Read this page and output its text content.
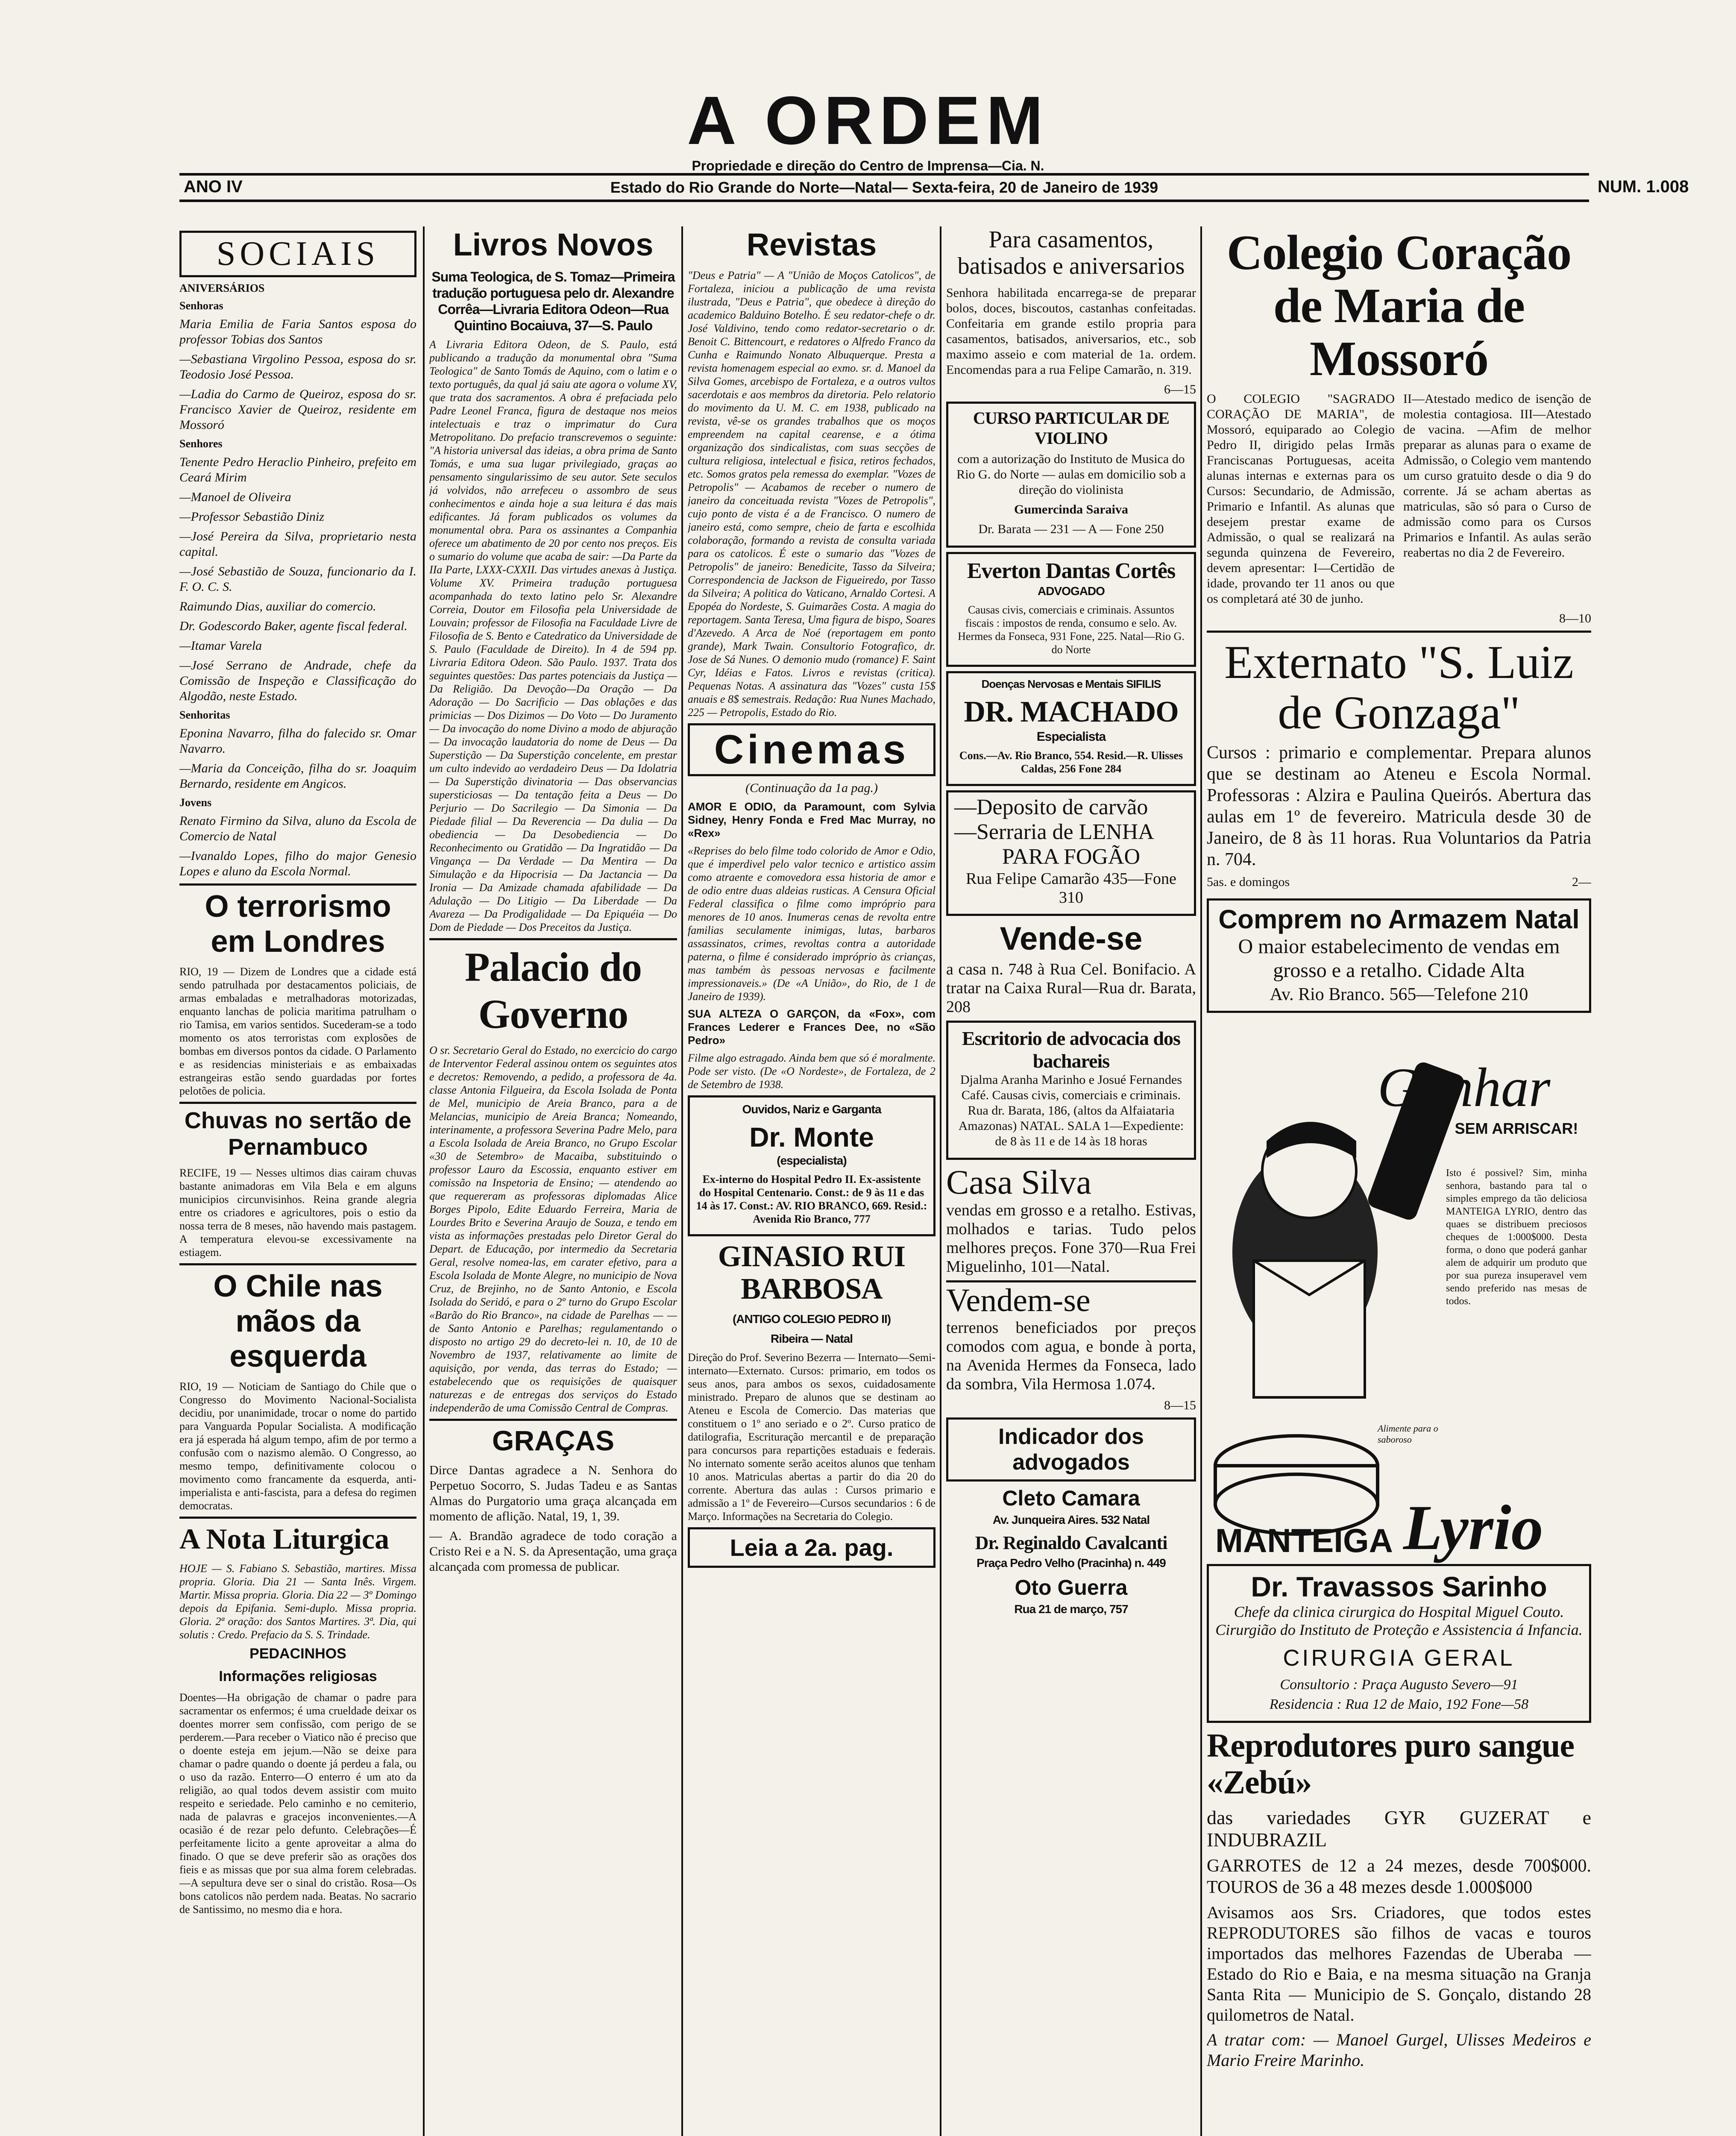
A ORDEM
Propriedade e direção do Centro de Imprensa—Cia. N.
Estado do Rio Grande do Norte—Natal— Sexta-feira, 20 de Janeiro de 1939
ANO IV	NUM. 1.008
SOCIAIS

ANIVERSÁRIOS

Senhoras

Maria Emilia de Faria Santos esposa do professor Tobias dos Santos

—Sebastiana Virgolino Pessoa, esposa do sr. Teodosio José Pessoa.

—Ladia do Carmo de Queiroz, esposa do sr. Francisco Xavier de Queiroz, residente em Mossoró

Senhores

Tenente Pedro Heraclio Pinheiro, prefeito em Ceará Mirim

—Manoel de Oliveira

—Professor Sebastião Diniz

—José Pereira da Silva, proprietario nesta capital.

—José Sebastião de Souza, funcionario da I. F. O. C. S.

Raimundo Dias, auxiliar do comercio.

Dr. Godescordo Baker, agente fiscal federal.

—Itamar Varela

—José Serrano de Andrade, chefe da Comissão de Inspeção e Classificação do Algodão, neste Estado.

Senhoritas

Eponina Navarro, filha do falecido sr. Omar Navarro.

—Maria da Conceição, filha do sr. Joaquim Bernardo, residente em Angicos.

Jovens

Renato Firmino da Silva, aluno da Escola de Comercio de Natal

—Ivanaldo Lopes, filho do major Genesio Lopes e aluno da Escola Normal.

O terrorismo em Londres

RIO, 19 — Dizem de Londres que a cidade está sendo patrulhada por destacamentos policiais, de armas embaladas e metralhadoras motorizadas, enquanto lanchas de policia maritima patrulham o rio Tamisa, em varios sentidos. Sucederam-se a todo momento os atos terroristas com explosões de bombas em diversos pontos da cidade. O Parlamento e as residencias ministeriais e as embaixadas estrangeiras estão sendo guardadas por fortes pelotões de policia.

Chuvas no sertão de Pernambuco

RECIFE, 19 — Nesses ultimos dias cairam chuvas bastante animadoras em Vila Bela e em alguns municipios circunvisinhos. Reina grande alegria entre os criadores e agricultores, pois o estio da nossa terra de 8 meses, não havendo mais pastagem. A temperatura elevou-se excessivamente na estiagem.

O Chile nas mãos da esquerda

RIO, 19 — Noticiam de Santiago do Chile que o Congresso do Movimento Nacional-Socialista decidiu, por unanimidade, trocar o nome do partido para Vanguarda Popular Socialista. A modificação era já esperada há algum tempo, afim de por termo a confusão com o nazismo alemão. O Congresso, ao mesmo tempo, definitivamente colocou o movimento como francamente da esquerda, anti-imperialista e anti-fascista, para a defesa do regimen democratas.

A Nota Liturgica

HOJE — S. Fabiano S. Sebastião, martires. Missa propria. Gloria. Dia 21 — Santa Inês. Virgem. Martir. Missa propria. Gloria. Dia 22 — 3º Domingo depois da Epifania. Semi-duplo. Missa propria. Gloria. 2ª oração: dos Santos Martires. 3ª. Dia, qui solutis : Credo. Prefacio da S. S. Trindade.

PEDACINHOS
Informações religiosas

Doentes—Ha obrigação de chamar o padre para sacramentar os enfermos; é uma crueldade deixar os doentes morrer sem confissão, com perigo de se perderem.—Para receber o Viatico não é preciso que o doente esteja em jejum.—Não se deixe para chamar o padre quando o doente já perdeu a fala, ou o uso da razão. Enterro—O enterro é um ato da religião, ao qual todos devem assistir com muito respeito e seriedade. Pelo caminho e no cemiterio, nada de palavras e gracejos inconvenientes.—A ocasião é de rezar pelo defunto. Celebrações—É perfeitamente licito a gente aproveitar a alma do finado. O que se deve preferir são as orações dos fieis e as missas que por sua alma forem celebradas.—A sepultura deve ser o sinal do cristão. Rosa—Os bons catolicos não perdem nada. Beatas. No sacrario de Santissimo, no mesmo dia e hora.

Livros Novos

Suma Teologica, de S. Tomaz—Primeira tradução portuguesa pelo dr. Alexandre Corrêa—Livraria Editora Odeon—Rua Quintino Bocaiuva, 37—S. Paulo

A Livraria Editora Odeon, de S. Paulo, está publicando a tradução da monumental obra "Suma Teologica" de Santo Tomás de Aquino, com o latim e o texto português, da qual já saiu ate agora o volume XV, que trata dos sacramentos. A obra é prefaciada pelo Padre Leonel Franca, figura de destaque nos meios intelectuais e traz o imprimatur do Cura Metropolitano. Do prefacio transcrevemos o seguinte: "A historia universal das ideias, a obra prima de Santo Tomás, e uma sua lugar privilegiado, graças ao pensamento singularissimo de seu autor. Sete seculos já volvidos, não arrefeceu o assombro de seus conhecimentos e ainda hoje a sua leitura é das mais edificantes. Já foram publicados os volumes da monumental obra. Para os assinantes a Companhia oferece um abatimento de 20 por cento nos preços. Eis o sumario do volume que acaba de sair: —Da Parte da IIa Parte, LXXX-CXXII. Das virtudes anexas à Justiça. Volume XV. Primeira tradução portuguesa acompanhada do texto latino pelo Sr. Alexandre Correia, Doutor em Filosofia pela Universidade de Louvain; professor de Filosofia na Faculdade Livre de Filosofia de S. Bento e Catedratico da Universidade de S. Paulo (Faculdade de Direito). In 4 de 594 pp. Livraria Editora Odeon. São Paulo. 1937. Trata dos seguintes questões: Das partes potenciais da Justiça — Da Religião. Da Devoção—Da Oração — Da Adoração — Do Sacrificio — Das oblações e das primicias — Dos Dizimos — Do Voto — Do Juramento — Da invocação do nome Divino a modo de abjuração — Da invocação laudatoria do nome de Deus — Da Superstição — Da Superstição concelente, em prestar um culto indevido ao verdadeiro Deus — Da Idolatria — Da Superstição divinatoria — Das observancias supersticiosas — Da tentação feita a Deus — Do Perjurio — Do Sacrilegio — Da Simonia — Da Piedade filial — Da Reverencia — Da dulia — Da obediencia — Da Desobediencia — Do Reconhecimento ou Gratidão — Da Ingratidão — Da Vingança — Da Verdade — Da Mentira — Da Simulação e da Hipocrisia — Da Jactancia — Da Ironia — Da Amizade chamada afabilidade — Da Adulação — Do Litigio — Da Liberdade — Da Avareza — Da Prodigalidade — Da Epiquéia — Do Dom de Piedade — Dos Preceitos da Justiça.

Palacio do Governo

O sr. Secretario Geral do Estado, no exercicio do cargo de Interventor Federal assinou ontem os seguintes atos e decretos: Removendo, a pedido, a professora de 4a. classe Antonia Filgueira, da Escola Isolada de Ponta de Mel, municipio de Areia Branco, para a de Melancias, municipio de Areia Branca; Nomeando, interinamente, a professora Severina Padre Melo, para a Escola Isolada de Areia Branco, no Grupo Escolar «30 de Setembro» de Macaiba, substituindo o professor Lauro da Escossia, enquanto estiver em comissão na Inspetoria de Ensino; — atendendo ao que requereram as professoras diplomadas Alice Borges Pipolo, Edite Eduardo Ferreira, Maria de Lourdes Brito e Severina Araujo de Souza, e tendo em vista as informações prestadas pelo Diretor Geral do Depart. de Educação, por intermedio da Secretaria Geral, resolve nomea-las, em carater efetivo, para a Escola Isolada de Monte Alegre, no municipio de Nova Cruz, de Brejinho, no de Santo Antonio, e Escola Isolada do Seridó, e para o 2º turno do Grupo Escolar «Barão do Rio Branco», na cidade de Parelhas — — de Santo Antonio e Parelhas; regulamentando o disposto no artigo 29 do decreto-lei n. 10, de 10 de Novembro de 1937, relativamente ao limite de aquisição, por venda, das terras do Estado; — estabelecendo que os requisições de quaisquer naturezas e de entregas dos serviços do Estado independerão de uma Comissão Central de Compras.

GRAÇAS

Dirce Dantas agradece a N. Senhora do Perpetuo Socorro, S. Judas Tadeu e as Santas Almas do Purgatorio uma graça alcançada em momento de aflição. Natal, 19, 1, 39.

— A. Brandão agradece de todo coração a Cristo Rei e a N. S. da Apresentação, uma graça alcançada com promessa de publicar.

Revistas

"Deus e Patria" — A "União de Moços Catolicos", de Fortaleza, iniciou a publicação de uma revista ilustrada, "Deus e Patria", que obedece à direção do academico Balduino Botelho. É seu redator-chefe o dr. José Valdivino, tendo como redator-secretario o dr. Benoit C. Bittencourt, e redatores o Alfredo Franco da Cunha e Raimundo Nonato Albuquerque. Presta a revista homenagem especial ao exmo. sr. d. Manoel da Silva Gomes, arcebispo de Fortaleza, e a outros vultos sacerdotais e aos membros da diretoria. Pelo relatorio do movimento da U. M. C. em 1938, publicado na revista, vê-se os grandes trabalhos que os moços empreendem na capital cearense, e a ótima organização dos sindicalistas, com suas secções de cultura religiosa, intelectual e fisica, retiros fechados, etc. Somos gratos pela remessa do exemplar. "Vozes de Petropolis" — Acabamos de receber o numero de janeiro da conceituada revista "Vozes de Petropolis", cujo ponto de vista é a de Francisco. O numero de janeiro está, como sempre, cheio de farta e escolhida colaboração, formando a revista de consulta variada para os catolicos. É este o sumario das "Vozes de Petropolis" de janeiro: Benedicite, Tasso da Silveira; Correspondencia de Jackson de Figueiredo, por Tasso da Silveira; A politica do Vaticano, Arnaldo Cortesi. A Epopéa do Nordeste, S. Guimarães Costa. A magia do reportagem. Santa Teresa, Uma figura de bispo, Soares d'Azevedo. A Arca de Noé (reportagem em ponto grande), Mark Twain. Consultorio Fotografico, dr. Jose de Sá Nunes. O demonio mudo (romance) F. Saint Cyr, Idéias e Fatos. Livros e revistas (critica). Pequenas Notas. A assinatura das "Vozes" custa 15$ anuais e 8$ semestrais. Redação: Rua Nunes Machado, 225 — Petropolis, Estado do Rio.

Cinemas

(Continuação da 1a pag.)

AMOR E ODIO, da Paramount, com Sylvia Sidney, Henry Fonda e Fred Mac Murray, no «Rex»

«Reprises do belo filme todo colorido de Amor e Odio, que é imperdivel pelo valor tecnico e artistico assim como atraente e comovedora essa historia de amor e de odio entre duas aldeias rusticas. A Censura Oficial Federal classifica o filme como impróprio para menores de 10 anos. Inumeras cenas de revolta entre familias seculamente inimigas, lutas, barbaros assassinatos, crimes, revoltas contra a autoridade paterna, o filme é considerado impróprio às crianças, mas também às pessoas nervosas e facilmente impressionaveis.» (De «A União», do Rio, de 1 de Janeiro de 1939).

SUA ALTEZA O GARÇON, da «Fox», com Frances Lederer e Frances Dee, no «São Pedro»

Filme algo estragado. Ainda bem que só é moralmente. Pode ser visto. (De «O Nordeste», de Fortaleza, de 2 de Setembro de 1938.

Ouvidos, Nariz e Garganta

Dr. Monte

(especialista)

Ex-interno do Hospital Pedro II. Ex-assistente do Hospital Centenario. Const.: de 9 às 11 e das 14 às 17. Const.: AV. RIO BRANCO, 669. Resid.: Avenida Rio Branco, 777

GINASIO RUI BARBOSA

(ANTIGO COLEGIO PEDRO II)

Ribeira — Natal

Direção do Prof. Severino Bezerra — Internato—Semi-internato—Externato. Cursos: primario, em todos os seus anos, para ambos os sexos, cuidadosamente ministrado. Preparo de alunos que se destinam ao Ateneu e Escola de Comercio. Das materias que constituem o 1º ano seriado e o 2º. Curso pratico de datilografia, Escrituração mercantil e de preparação para concursos para repartições estaduais e federais. No internato somente serão aceitos alunos que tenham 10 anos. Matriculas abertas a partir do dia 20 do corrente. Abertura das aulas : Cursos primario e admissão a 1º de Fevereiro—Cursos secundarios : 6 de Março. Informações na Secretaria do Colegio.

Leia a 2a. pag.
Para casamentos, batisados e aniversarios

Senhora habilitada encarrega-se de preparar bolos, doces, biscoutos, castanhas confeitadas. Confeitaria em grande estilo propria para casamentos, batisados, aniversarios, etc., sob maximo asseio e com material de 1a. ordem. Encomendas para a rua Felipe Camarão, n. 319.

6—15

CURSO PARTICULAR DE VIOLINO

com a autorização do Instituto de Musica do Rio G. do Norte — aulas em domicilio sob a direção do violinista

Gumercinda Saraiva

Dr. Barata — 231 — A — Fone 250

Everton Dantas Cortês

ADVOGADO

Causas civis, comerciais e criminais. Assuntos fiscais : impostos de renda, consumo e selo. Av. Hermes da Fonseca, 931 Fone, 225. Natal—Rio G. do Norte

Doenças Nervosas e Mentais SIFILIS

DR. MACHADO

Especialista

Cons.—Av. Rio Branco, 554. Resid.—R. Ulisses Caldas, 256 Fone 284

—Deposito de carvão
—Serraria de LENHA
PARA FOGÃO

Rua Felipe Camarão 435—Fone 310

Vende-se

a casa n. 748 à Rua Cel. Bonifacio. A tratar na Caixa Rural—Rua dr. Barata, 208

Escritorio de advocacia dos bachareis

Djalma Aranha Marinho e Josué Fernandes Café. Causas civis, comerciais e criminais. Rua dr. Barata, 186, (altos da Alfaiataria Amazonas) NATAL. SALA 1—Expediente: de 8 às 11 e de 14 às 18 horas

Casa Silva

vendas em grosso e a retalho. Estivas, molhados e tarias. Tudo pelos melhores preços. Fone 370—Rua Frei Miguelinho, 101—Natal.

Vendem-se

terrenos beneficiados por preços comodos com agua, e bonde à porta, na Avenida Hermes da Fonseca, lado da sombra, Vila Hermosa 1.074.

8—15

Indicador dos advogados
Cleto Camara

Av. Junqueira Aires. 532 Natal

Dr. Reginaldo Cavalcanti

Praça Pedro Velho (Pracinha) n. 449

Oto Guerra

Rua 21 de março, 757

Colegio Coração de Maria de Mossoró

O COLEGIO "SAGRADO CORAÇÃO DE MARIA", de Mossoró, equiparado ao Colegio Pedro II, dirigido pelas Irmãs Franciscanas Portuguesas, aceita alunas internas e externas para os Cursos: Secundario, de Admissão, Primario e Infantil. As alunas que desejem prestar exame de Admissão, o qual se realizará na segunda quinzena de Fevereiro, devem apresentar: I—Certidão de idade, provando ter 11 anos ou que os completará até 30 de junho.

II—Atestado medico de isenção de molestia contagiosa. III—Atestado de vacina. —Afim de melhor preparar as alunas para o exame de Admissão, o Colegio vem mantendo um curso gratuito desde o dia 9 do corrente. Já se acham abertas as matriculas, são só para o Curso de admissão como para os Cursos Primarios e Infantil. As aulas serão reabertas no dia 2 de Fevereiro.

8—10

Externato "S. Luiz de Gonzaga"

Cursos : primario e complementar. Prepara alunos que se destinam ao Ateneu e Escola Normal. Professoras : Alzira e Paulina Queirós. Abertura das aulas em 1º de fevereiro. Matricula desde 30 de Janeiro, de 8 às 11 horas. Rua Voluntarios da Patria n. 704.

5as. e domingos	2—

Comprem no Armazem Natal

O maior estabelecimento de vendas em grosso e a retalho. Cidade Alta

Av. Rio Branco. 565—Telefone 210

Ganhar
SEM ARRISCAR!

Isto é possivel? Sim, minha senhora, bastando para tal o simples emprego da tão deliciosa MANTEIGA LYRIO, dentro das quaes se distribuem preciosos cheques de 1:000$000. Desta forma, o dono que poderá ganhar alem de adquirir um produto que por sua pureza insuperavel vem sendo preferido nas mesas de todos.

Alimente para o saboroso
MANTEIGA Lyrio
Dr. Travassos Sarinho

Chefe da clinica cirurgica do Hospital Miguel Couto. Cirurgião do Instituto de Proteção e Assistencia á Infancia.

CIRURGIA GERAL

Consultorio : Praça Augusto Severo—91

Residencia : Rua 12 de Maio, 192 Fone—58

Reprodutores puro sangue «Zebú»

das variedades GYR GUZERAT e INDUBRAZIL

GARROTES de 12 a 24 mezes, desde 700$000. TOUROS de 36 a 48 mezes desde 1.000$000

Avisamos aos Srs. Criadores, que todos estes REPRODUTORES são filhos de vacas e touros importados das melhores Fazendas de Uberaba — Estado do Rio e Baia, e na mesma situação na Granja Santa Rita — Municipio de S. Gonçalo, distando 28 quilometros de Natal.

A tratar com: — Manoel Gurgel, Ulisses Medeiros e Mario Freire Marinho.
